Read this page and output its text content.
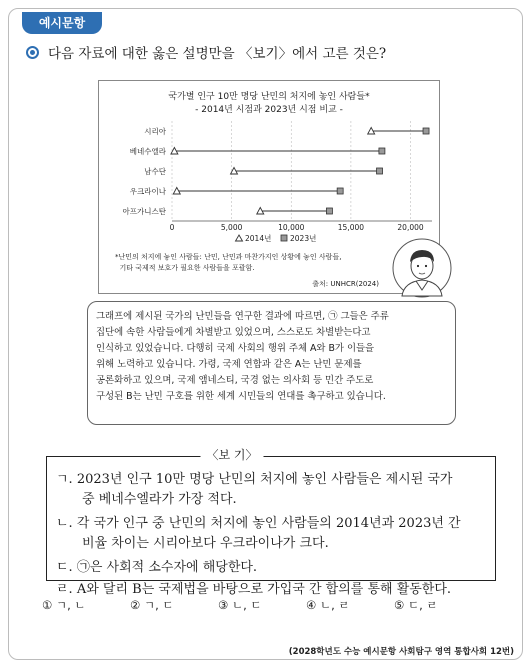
예시문항
다음 자료에 대한 옳은 설명만을 〈보기〉에서 고른 것은?
국가별 인구 10만 명당 난민의 처지에 놓인 사람들*
- 2014년 시점과 2023년 시점 비교 -
0	5,000	10,000	15,000	20,000
시리아
베네수엘라
남수단
우크라이나
아프가니스탄
2014년 2023년
*난민의 처지에 놓인 사람들: 난민, 난민과 마찬가지인 상황에 놓인 사람들,
기타 국제적 보호가 필요한 사람들을 포괄함.
출처: UNHCR(2024)
그래프에 제시된 국가의 난민들을 연구한 결과에 따르면, ㉠ 그들은 주류
집단에 속한 사람들에게 차별받고 있었으며, 스스로도 차별받는다고
인식하고 있었습니다. 다행히 국제 사회의 행위 주체 A와 B가 이들을
위해 노력하고 있습니다. 가령, 국제 연합과 같은 A는 난민 문제를
공론화하고 있으며, 국제 앰네스티, 국경 없는 의사회 등 민간 주도로
구성된 B는 난민 구호를 위한 세계 시민들의 연대를 촉구하고 있습니다.
〈보 기〉
ㄱ. 2023년 인구 10만 명당 난민의 처지에 놓인 사람들은 제시된 국가
중 베네수엘라가 가장 적다.
ㄴ. 각 국가 인구 중 난민의 처지에 놓인 사람들의 2014년과 2023년 간
비율 차이는 시리아보다 우크라이나가 크다.
ㄷ. ㉠은 사회적 소수자에 해당한다.
ㄹ. A와 달리 B는 국제법을 바탕으로 가입국 간 합의를 통해 활동한다.
① ㄱ, ㄴ	② ㄱ, ㄷ	③ ㄴ, ㄷ	④ ㄴ, ㄹ	⑤ ㄷ, ㄹ
(2028학년도 수능 예시문항 사회탐구 영역 통합사회 12번)
